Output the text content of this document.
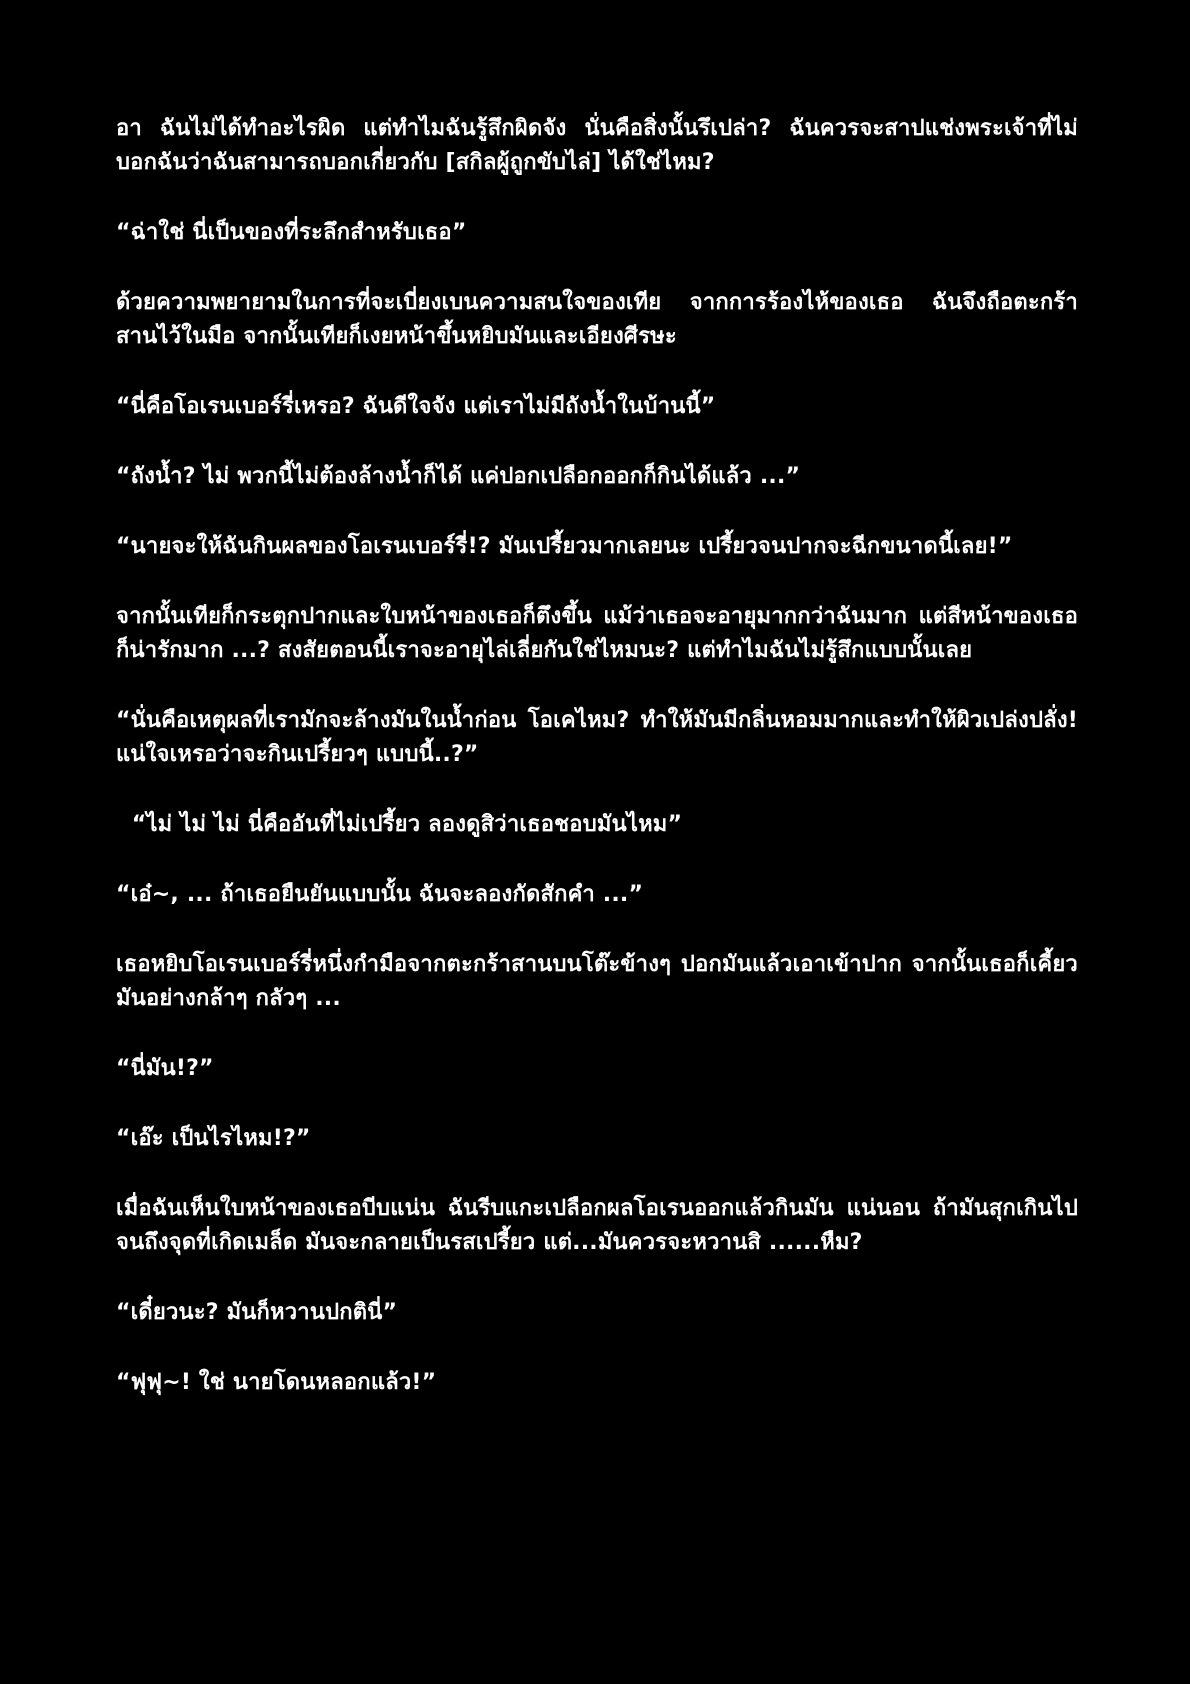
อา ฉันไม่ได้ทำอะไรผิด แต่ทำไมฉันรู้สึกผิดจัง นั่นคือสิ่งนั้นรึเปล่า? ฉันควรจะสาปแช่งพระเจ้าที่ไม่บอกฉันว่าฉันสามารถบอกเกี่ยวกับ [สกิลผู้ถูกขับไล่] ได้ใช่ไหม?

“ฉ่าใช่ นี่เป็นของที่ระลึกสำหรับเธอ”

ด้วยความพยายามในการที่จะเบี่ยงเบนความสนใจของเทีย จากการร้องไห้ของเธอ ฉันจึงถือตะกร้าสานไว้ในมือ จากนั้นเทียก็เงยหน้าขึ้นหยิบมันและเอียงศีรษะ

“นี่คือโอเรนเบอร์รี่เหรอ? ฉันดีใจจัง แต่เราไม่มีถังน้ำในบ้านนี้”

“ถังน้ำ? ไม่ พวกนี้ไม่ต้องล้างน้ำก็ได้ แค่ปอกเปลือกออกก็กินได้แล้ว ...”

“นายจะให้ฉันกินผลของโอเรนเบอร์รี่!? มันเปรี้ยวมากเลยนะ เปรี้ยวจนปากจะฉีกขนาดนี้เลย!”

จากนั้นเทียก็กระตุกปากและใบหน้าของเธอก็ตึงขึ้น แม้ว่าเธอจะอายุมากกว่าฉันมาก แต่สีหน้าของเธอก็น่ารักมาก ...? สงสัยตอนนี้เราจะอายุไล่เลี่ยกันใช่ไหมนะ? แต่ทำไมฉันไม่รู้สึกแบบนั้นเลย

“นั่นคือเหตุผลที่เรามักจะล้างมันในน้ำก่อน โอเคไหม? ทำให้มันมีกลิ่นหอมมากและทำให้ผิวเปล่งปลั่ง! แน่ใจเหรอว่าจะกินเปรี้ยวๆ แบบนี้..?”

“ไม่ ไม่ ไม่ นี่คืออันที่ไม่เปรี้ยว ลองดูสิว่าเธอชอบมันไหม”

“เอ๋~, ... ถ้าเธอยืนยันแบบนั้น ฉันจะลองกัดสักคำ ...”

เธอหยิบโอเรนเบอร์รี่หนึ่งกำมือจากตะกร้าสานบนโต๊ะข้างๆ ปอกมันแล้วเอาเข้าปาก จากนั้นเธอก็เคี้ยวมันอย่างกล้าๆ กลัวๆ ...

“นี่มัน!?”

“เอ๊ะ เป็นไรไหม!?”

เมื่อฉันเห็นใบหน้าของเธอบีบแน่น ฉันรีบแกะเปลือกผลโอเรนออกแล้วกินมัน แน่นอน ถ้ามันสุกเกินไปจนถึงจุดที่เกิดเมล็ด มันจะกลายเป็นรสเปรี้ยว แต่...มันควรจะหวานสิ ......หืม?

“เดี๋ยวนะ? มันก็หวานปกตินี่”

“ฟุฟุ~! ใช่ นายโดนหลอกแล้ว!”
